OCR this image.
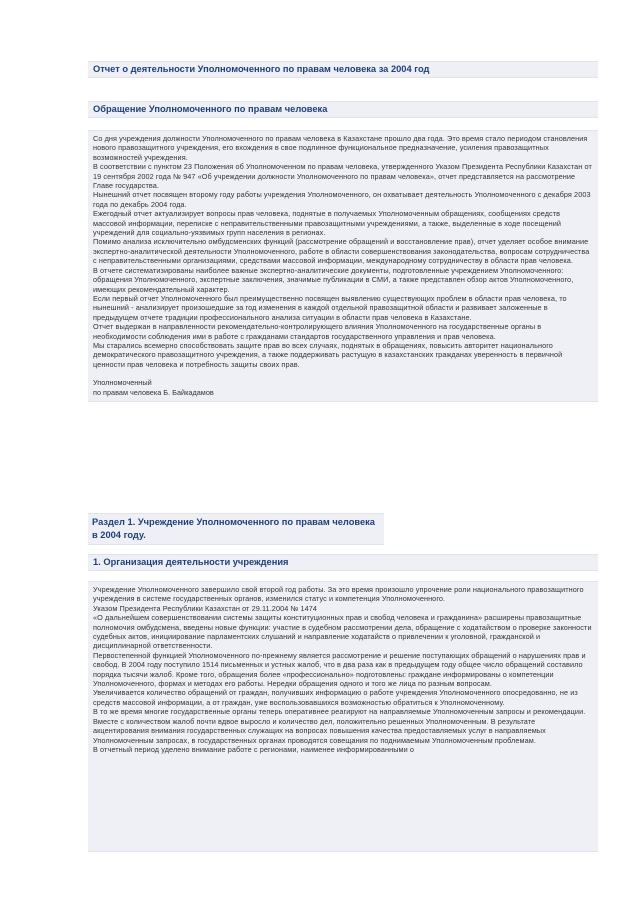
Отчет о деятельности Уполномоченного по правам человека за 2004 год
Обращение Уполномоченного по правам человека

Со дня учреждения должности Уполномоченного по правам человека в Казахстане прошло два года. Это время стало периодом становления нового правозащитного учреждения, его вхождения в свое подлинное функциональное предназначение, усиления правозащитных возможностей учреждения.

В соответствии с пунктом 23 Положения об Уполномоченном по правам человека, утвержденного Указом Президента Республики Казахстан от 19 сентября 2002 года № 947 «Об учреждении должности Уполномоченного по правам человека», отчет представляется на рассмотрение Главе государства.

Нынешний отчет посвящен второму году работы учреждения Уполномоченного, он охватывает деятельность Уполномоченного с декабря 2003 года по декабрь 2004 года.

Ежегодный отчет актуализирует вопросы прав человека, поднятые в получаемых Уполномоченным обращениях, сообщениях средств массовой информации, переписке с неправительственными правозащитными учреждениями, а также, выделенные в ходе посещений учреждений для социально-уязвимых групп населения в регионах.

Помимо анализа исключительно омбудсменских функций (рассмотрение обращений и восстановление прав), отчет уделяет особое внимание экспертно-аналитической деятельности Уполномоченного, работе в области совершенствования законодательства, вопросам сотрудничества с неправительственными организациями, средствами массовой информации, международному сотрудничеству в области прав человека.

В отчете систематизированы наиболее важные экспертно-аналитические документы, подготовленные учреждением Уполномоченного: обращения Уполномоченного, экспертные заключения, значимые публикации в СМИ, а также представлен обзор актов Уполномоченного, имеющих рекомендательный характер.

Если первый отчет Уполномоченного был преимущественно посвящен выявлению существующих проблем в области прав человека, то нынешний - анализирует произошедшие за год изменения в каждой отдельной правозащитной области и развивает заложенные в предыдущем отчете традиции профессионального анализа ситуации в области прав человека в Казахстане.

Отчет выдержан в направленности рекомендательно-контролирующего влияния Уполномоченного на государственные органы в необходимости соблюдения ими в работе с гражданами стандартов государственного управления и прав человека.

Мы старались всемерно способствовать защите прав во всех случаях, поднятых в обращениях, повысить авторитет национального демократического правозащитного учреждения, а также поддерживать растущую в казахстанских гражданах уверенность в первичной ценности прав человека и потребность защиты своих прав.

Уполномоченный

по правам человека Б. Байкадамов

Раздел 1. Учреждение Уполномоченного по правам человека в 2004 году.
1. Организация деятельности учреждения

Учреждение Уполномоченного завершило свой второй год работы. За это время произошло упрочение роли национального правозащитного учреждения в системе государственных органов, изменился статус и компетенция Уполномоченного.

Указом Президента Республики Казахстан от 29.11.2004 № 1474

«О дальнейшем совершенствовании системы защиты конституционных прав и свобод человека и гражданина» расширены правозащитные полномочия омбудсмена, введены новые функции: участие в судебном рассмотрении дела, обращение с ходатайством о проверке законности судебных актов, инициирование парламентских слушаний и направление ходатайств о привлечении к уголовной, гражданской и дисциплинарной ответственности.

Первостепенной функцией Уполномоченного по-прежнему является рассмотрение и решение поступающих обращений о нарушениях прав и свобод. В 2004 году поступило 1514 письменных и устных жалоб, что в два раза как в предыдущем году общее число обращений составило порядка тысячи жалоб. Кроме того, обращения более «профессионально» подготовлены: граждане информированы о компетенции Уполномоченного, формах и методах его работы. Нередки обращения одного и того же лица по разным вопросам.

Увеличивается количество обращений от граждан, получивших информацию о работе учреждения Уполномоченного опосредованно, не из средств массовой информации, а от граждан, уже воспользовавшихся возможностью обратиться к Уполномоченному.

В то же время многие государственные органы теперь оперативнее реагируют на направляемые Уполномоченным запросы и рекомендации. Вместе с количеством жалоб почти вдвое выросло и количество дел, положительно решенных Уполномоченным. В результате акцентирования внимания государственных служащих на вопросах повышения качества предоставляемых услуг в направляемых Уполномоченным запросах, в государственных органах проводятся совещания по поднимаемым Уполномоченным проблемам.

В отчетный период уделено внимание работе с регионами, наименее информированными о
